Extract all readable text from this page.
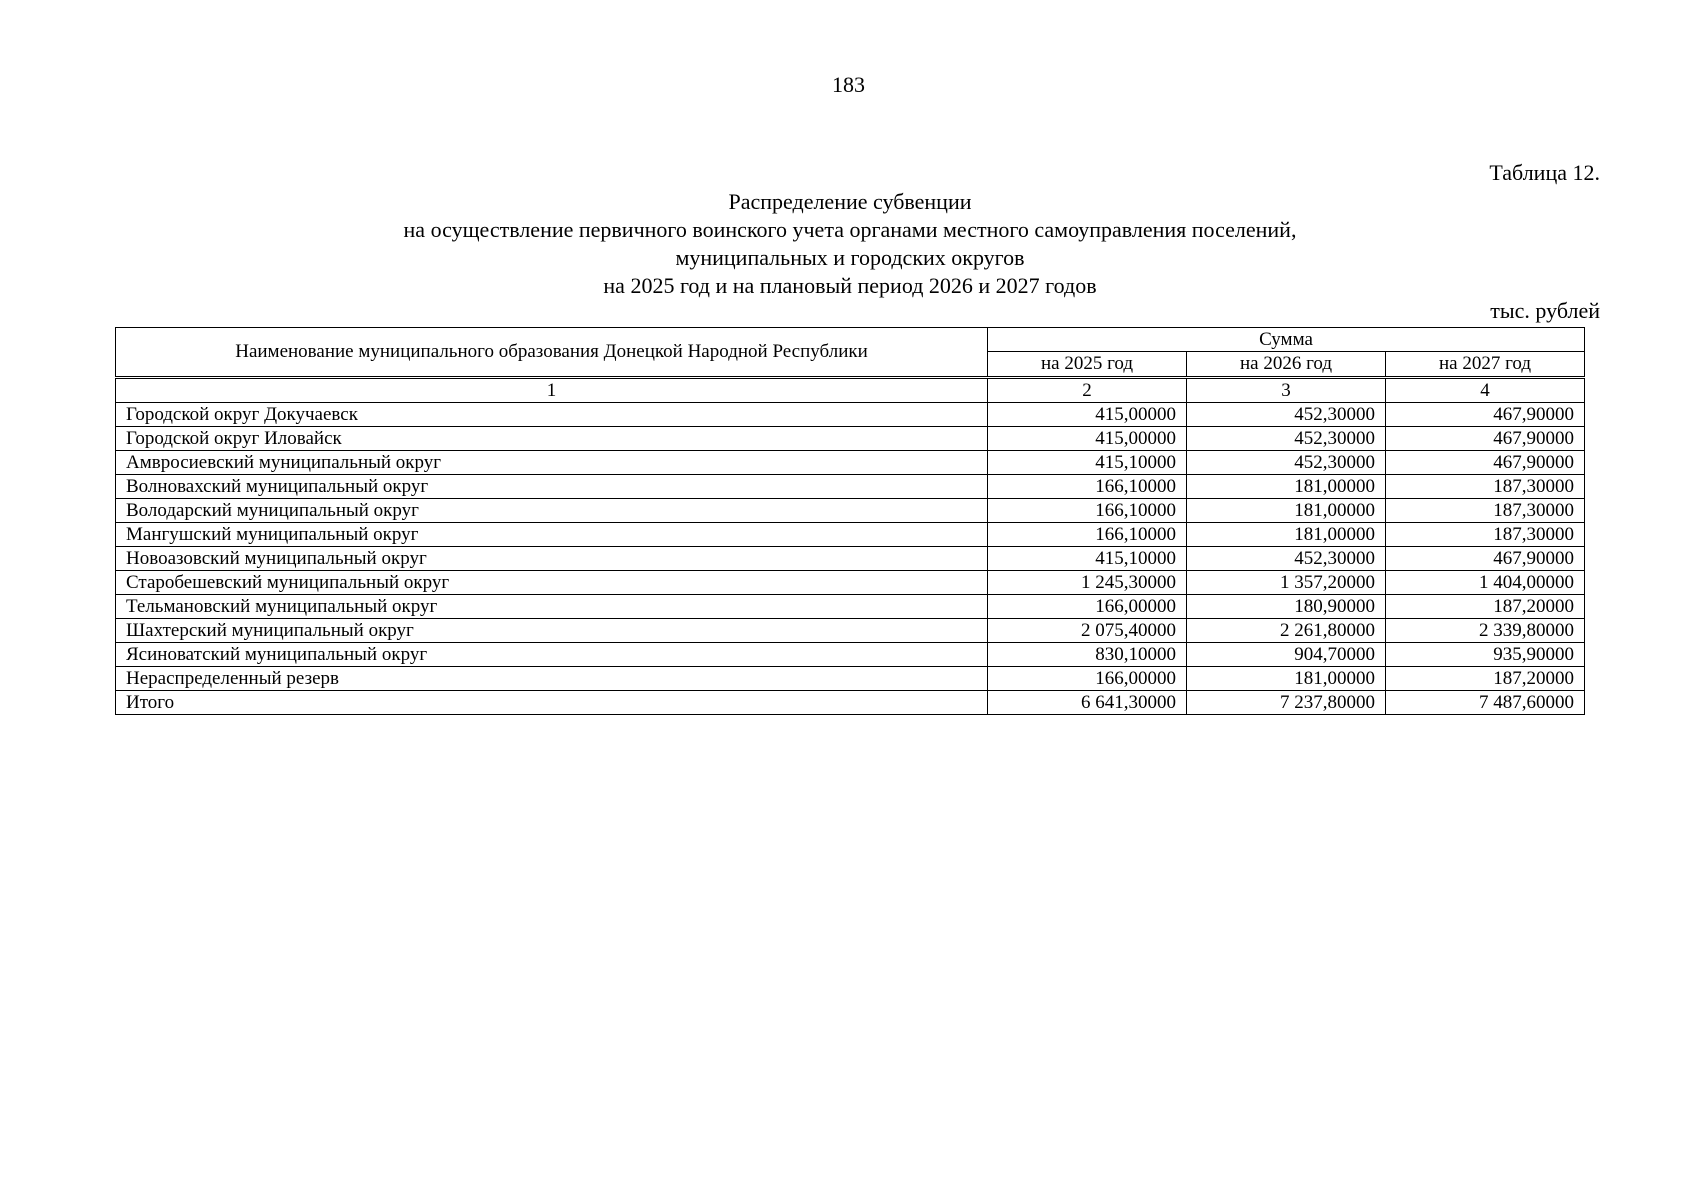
183
Таблица 12.
Распределение субвенции
на осуществление первичного воинского учета органами местного самоуправления поселений,
муниципальных и городских округов
на 2025 год и на плановый период 2026 и 2027 годов
тыс. рублей
Наименование муниципального образования Донецкой Народной Республики	Сумма		
	на 2025 год	на 2026 год	на 2027 год
1	2	3	4
Городской округ Докучаевск	415,00000	452,30000	467,90000
Городской округ Иловайск	415,00000	452,30000	467,90000
Амвросиевский муниципальный округ	415,10000	452,30000	467,90000
Волновахский муниципальный округ	166,10000	181,00000	187,30000
Володарский муниципальный округ	166,10000	181,00000	187,30000
Мангушский муниципальный округ	166,10000	181,00000	187,30000
Новоазовский муниципальный округ	415,10000	452,30000	467,90000
Старобешевский муниципальный округ	1 245,30000	1 357,20000	1 404,00000
Тельмановский муниципальный округ	166,00000	180,90000	187,20000
Шахтерский муниципальный округ	2 075,40000	2 261,80000	2 339,80000
Ясиноватский муниципальный округ	830,10000	904,70000	935,90000
Нераспределенный резерв	166,00000	181,00000	187,20000
Итого	6 641,30000	7 237,80000	7 487,60000
